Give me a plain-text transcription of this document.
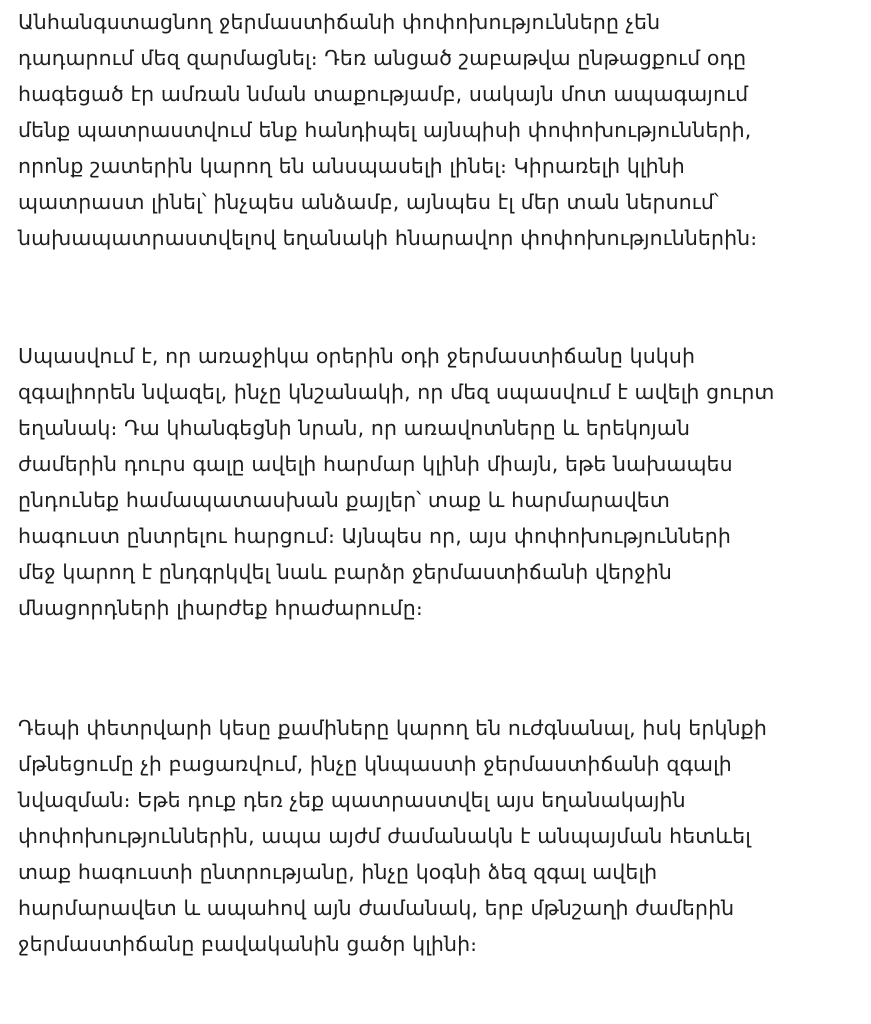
Անհանգստացնող ջերմաստիճանի փոփոխությունները չեն
դադարում մեզ զարմացնել։ Դեռ անցած շաբաթվա ընթացքում օդը
հագեցած էր ամռան նման տաքությամբ, սակայն մոտ ապագայում
մենք պատրաստվում ենք հանդիպել այնպիսի փոփոխությունների,
որոնք շատերին կարող են անսպասելի լինել։ Կիրառելի կլինի
պատրաստ լինել՝ ինչպես անձամբ, այնպես էլ մեր տան ներսում՝
նախապատրաստվելով եղանակի հնարավոր փոփոխություններին։

Սպասվում է, որ առաջիկա օրերին օդի ջերմաստիճանը կսկսի
զգալիորեն նվազել, ինչը կնշանակի, որ մեզ սպասվում է ավելի ցուրտ
եղանակ։ Դա կհանգեցնի նրան, որ առավոտները և երեկոյան
ժամերին դուրս գալը ավելի հարմար կլինի միայն, եթե նախապես
ընդունեք համապատասխան քայլեր՝ տաք և հարմարավետ
հագուստ ընտրելու հարցում։ Այնպես որ, այս փոփոխությունների
մեջ կարող է ընդգրկվել նաև բարձր ջերմաստիճանի վերջին
մնացորդների լիարժեք հրաժարումը։

Դեպի փետրվարի կեսը քամիները կարող են ուժգնանալ, իսկ երկնքի
մթնեցումը չի բացառվում, ինչը կնպաստի ջերմաստիճանի զգալի
նվազման։ Եթե դուք դեռ չեք պատրաստվել այս եղանակային
փոփոխություններին, ապա այժմ ժամանակն է անպայման հետևել
տաք հագուստի ընտրությանը, ինչը կօգնի ձեզ զգալ ավելի
հարմարավետ և ապահով այն ժամանակ, երբ մթնշաղի ժամերին
ջերմաստիճանը բավականին ցածր կլինի։
